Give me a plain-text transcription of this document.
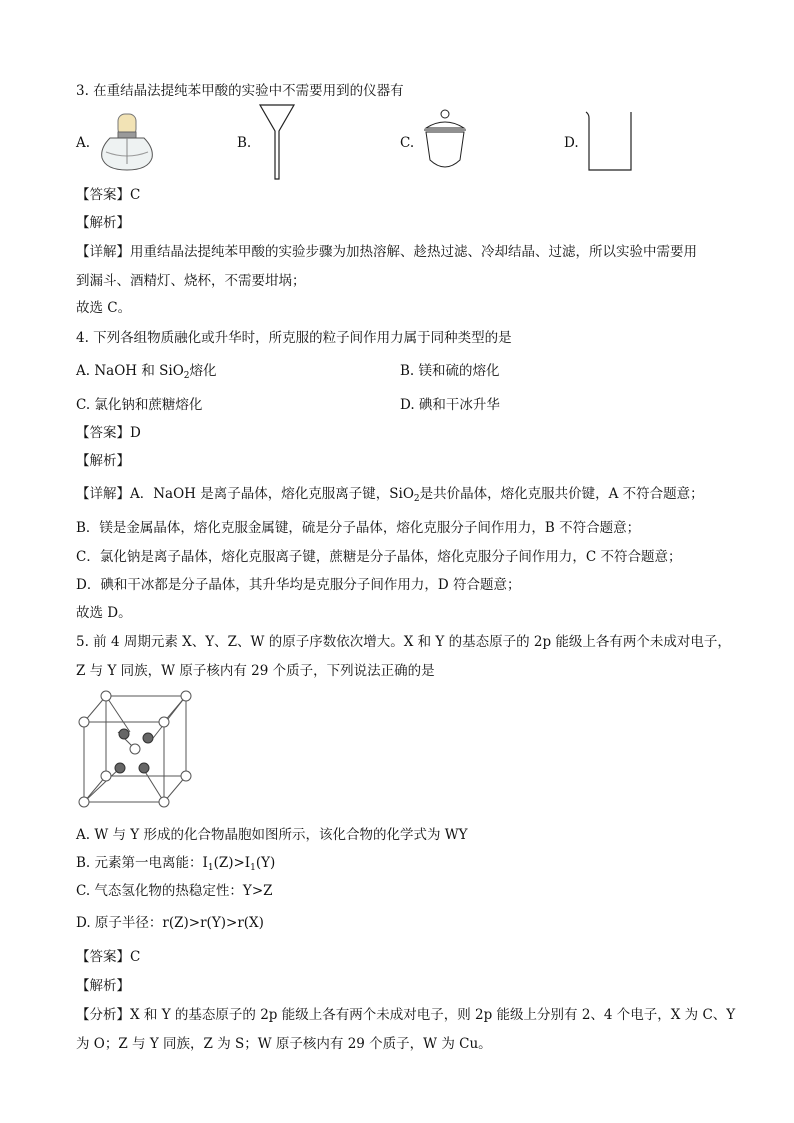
3. 在重结晶法提纯苯甲酸的实验中不需要用到的仪器有
A.	B.	C.	D.
【答案】C
【解析】
【详解】用重结晶法提纯苯甲酸的实验步骤为加热溶解、趁热过滤、冷却结晶、过滤，所以实验中需要用
到漏斗、酒精灯、烧杯，不需要坩埚；
故选 C。
4. 下列各组物质融化或升华时，所克服的粒子间作用力属于同种类型的是
A. NaOH 和 SiO$_2$熔化	B. 镁和硫的熔化
C. 氯化钠和蔗糖熔化	D. 碘和干冰升华
【答案】D
【解析】
【详解】A．NaOH 是离子晶体，熔化克服离子键，SiO$_2$是共价晶体，熔化克服共价键，A 不符合题意；
B．镁是金属晶体，熔化克服金属键，硫是分子晶体，熔化克服分子间作用力，B 不符合题意；
C．氯化钠是离子晶体，熔化克服离子键，蔗糖是分子晶体，熔化克服分子间作用力，C 不符合题意；
D．碘和干冰都是分子晶体，其升华均是克服分子间作用力，D 符合题意；
故选 D。
5. 前 4 周期元素 X、Y、Z、W 的原子序数依次增大。X 和 Y 的基态原子的 2p 能级上各有两个未成对电子，
Z 与 Y 同族，W 原子核内有 29 个质子，下列说法正确的是
A. W 与 Y 形成的化合物晶胞如图所示，该化合物的化学式为 WY
B. 元素第一电离能：$I_1(Z)>I_1(Y)$
C. 气态氢化物的热稳定性：Y>Z
D. 原子半径：r(Z)>r(Y)>r(X)
【答案】C
【解析】
【分析】X 和 Y 的基态原子的 2p 能级上各有两个未成对电子，则 2p 能级上分别有 2、4 个电子，X 为 C、Y
为 O；Z 与 Y 同族，Z 为 S；W 原子核内有 29 个质子，W 为 Cu。
